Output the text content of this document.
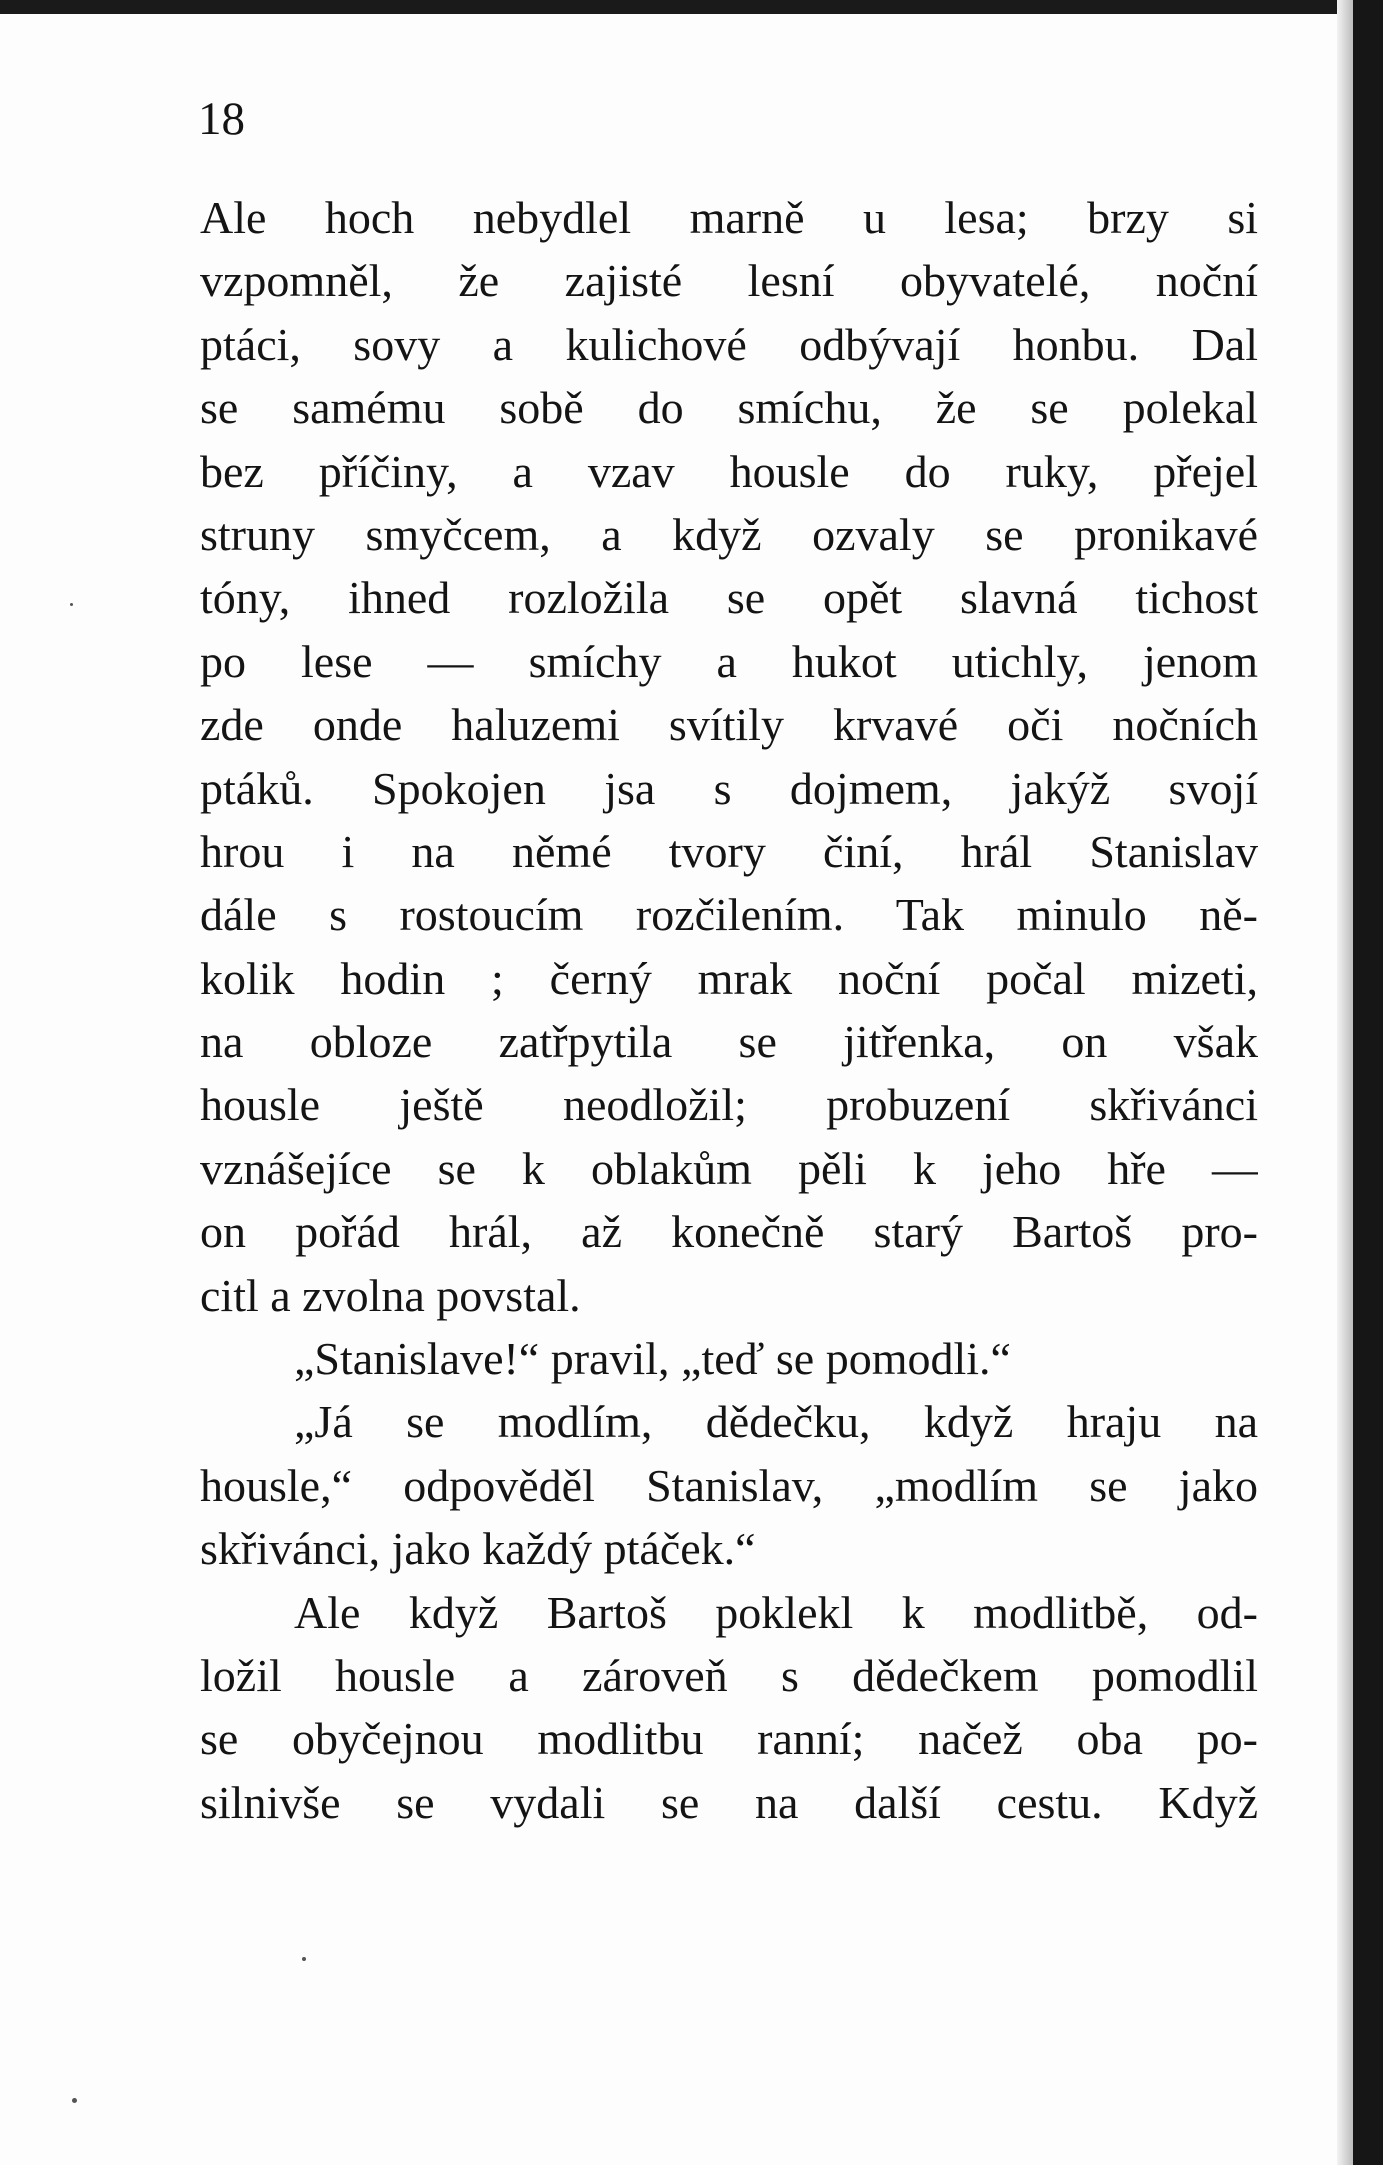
18
Ale hoch nebydlel marně u lesa; brzy si
vzpomněl, že zajisté lesní obyvatelé, noční
ptáci, sovy a kulichové odbývají honbu. Dal
se samému sobě do smíchu, že se polekal
bez příčiny, a vzav housle do ruky, přejel
struny smyčcem, a když ozvaly se pronikavé
tóny, ihned rozložila se opět slavná tichost
po lese — smíchy a hukot utichly, jenom
zde onde haluzemi svítily krvavé oči nočních
ptáků. Spokojen jsa s dojmem, jakýž svojí
hrou i na němé tvory činí, hrál Stanislav
dále s rostoucím rozčilením. Tak minulo ně-
kolik hodin ; černý mrak noční počal mizeti,
na obloze zatřpytila se jitřenka, on však
housle ještě neodložil; probuzení skřivánci
vznášejíce se k oblakům pěli k jeho hře —
on pořád hrál, až konečně starý Bartoš pro-
citl a zvolna povstal.
„Stanislave!“ pravil, „teď se pomodli.“
„Já se modlím, dědečku, když hraju na
housle,“ odpověděl Stanislav, „modlím se jako
skřivánci, jako každý ptáček.“
Ale když Bartoš poklekl k modlitbě, od-
ložil housle a zároveň s dědečkem pomodlil
se obyčejnou modlitbu ranní; načež oba po-
silnivše se vydali se na další cestu. Když
